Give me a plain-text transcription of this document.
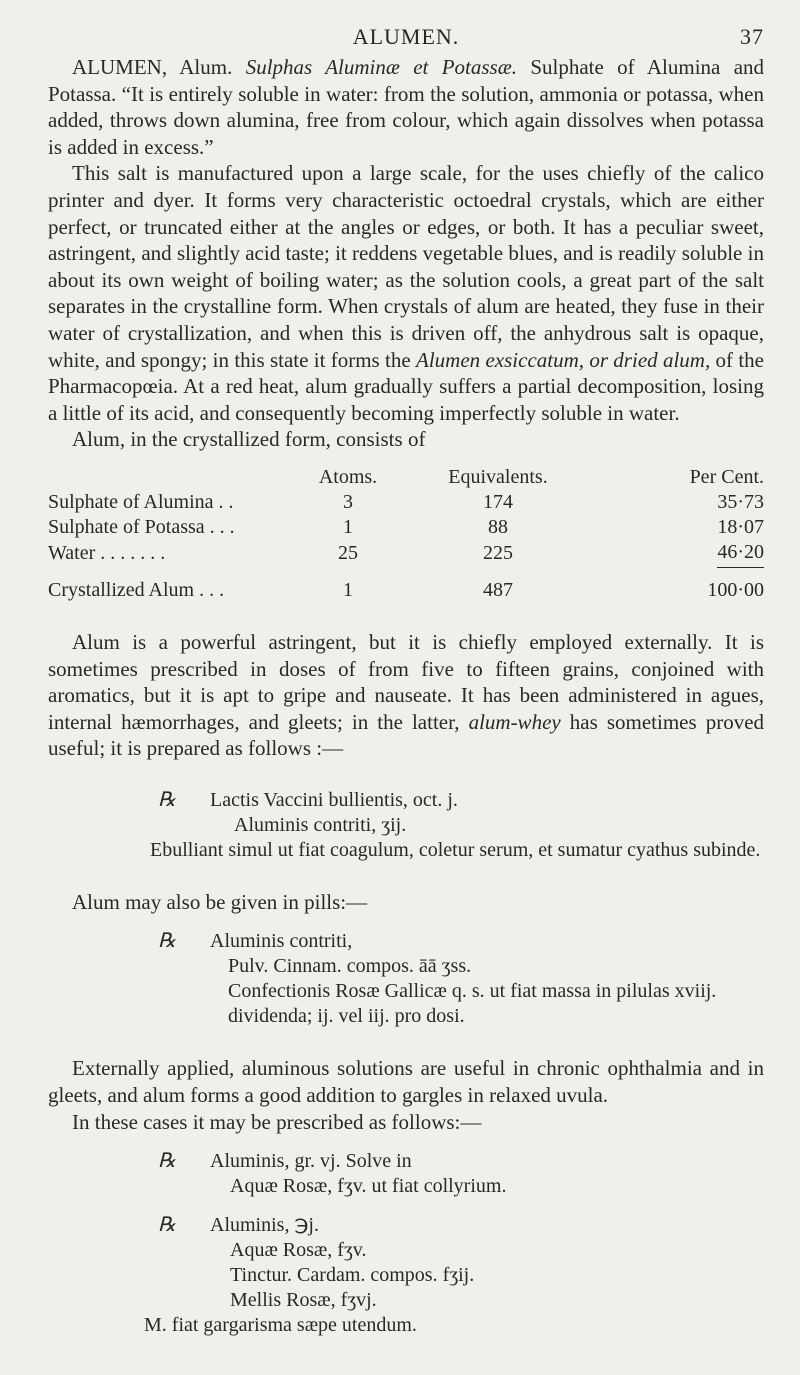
ALUMEN.	37

ALUMEN, Alum. Sulphas Aluminæ et Potassæ. Sulphate of Alumina and Potassa. “It is entirely soluble in water: from the solution, ammonia or potassa, when added, throws down alumina, free from colour, which again dissolves when potassa is added in excess.”

This salt is manufactured upon a large scale, for the uses chiefly of the calico printer and dyer. It forms very characteristic octoedral crystals, which are either perfect, or truncated either at the angles or edges, or both. It has a peculiar sweet, astringent, and slightly acid taste; it reddens vegetable blues, and is readily soluble in about its own weight of boiling water; as the solution cools, a great part of the salt separates in the crystalline form. When crystals of alum are heated, they fuse in their water of crystallization, and when this is driven off, the anhydrous salt is opaque, white, and spongy; in this state it forms the Alumen exsiccatum, or dried alum, of the Pharmacopœia. At a red heat, alum gradually suffers a partial decomposition, losing a little of its acid, and consequently becoming imperfectly soluble in water.

Alum, in the crystallized form, consists of

	Atoms.	Equivalents.	Per Cent.
Sulphate of Alumina . .	3	174	35·73
Sulphate of Potassa . . .	1	88	18·07
Water . . . . . . .	25	225	46·20
Crystallized Alum . . .	1	487	100·00

Alum is a powerful astringent, but it is chiefly employed externally. It is sometimes prescribed in doses of from five to fifteen grains, conjoined with aromatics, but it is apt to gripe and nauseate. It has been administered in agues, internal hæmorrhages, and gleets; in the latter, alum-whey has sometimes proved useful; it is prepared as follows :—

℞ Lactis Vaccini bullientis, oct. j.
Aluminis contriti, ʒij.
Ebulliant simul ut fiat coagulum, coletur serum, et sumatur cyathus subinde.

Alum may also be given in pills:—

℞ Aluminis contriti,
Pulv. Cinnam. compos. āā ʒss.
Confectionis Rosæ Gallicæ q. s. ut fiat massa in pilulas xviij. dividenda; ij. vel iij. pro dosi.

Externally applied, aluminous solutions are useful in chronic ophthalmia and in gleets, and alum forms a good addition to gargles in relaxed uvula.

In these cases it may be prescribed as follows:—

℞ Aluminis, gr. vj. Solve in
Aquæ Rosæ, fʒv. ut fiat collyrium.
℞ Aluminis, ℈j.
Aquæ Rosæ, fʒv.
Tinctur. Cardam. compos. fʒij.
Mellis Rosæ, fʒvj.
M. fiat gargarisma sæpe utendum.
